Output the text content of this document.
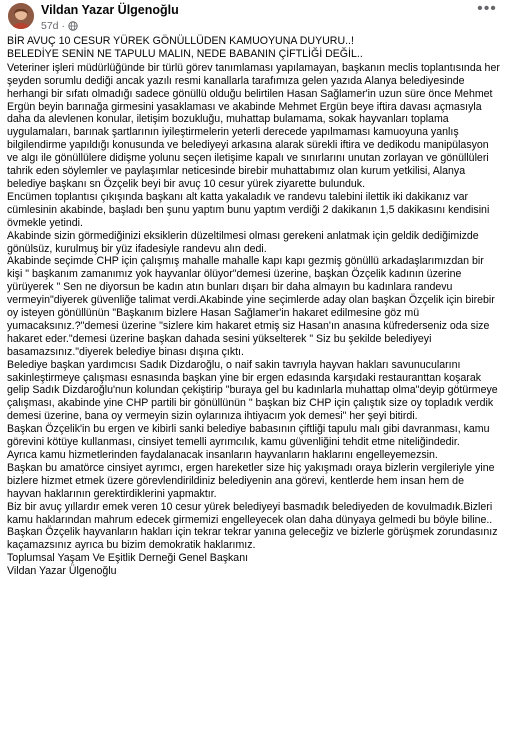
Vildan Yazar Ülgenoğlu
57d ·
•••

BİR AVUÇ 10 CESUR YÜREK GÖNÜLLÜDEN KAMUOYUNA DUYURU..!
BELEDİYE SENİN NE TAPULU MALIN, NEDE BABANIN ÇİFTLİĞİ DEĞİL..

Veteriner işleri müdürlüğünde bir türlü görev tanımlaması yapılamayan, başkanın meclis toplantısında her şeyden sorumlu dediği ancak yazılı resmi kanallarla tarafımıza gelen yazıda Alanya belediyesinde herhangi bir sıfatı olmadığı sadece gönüllü olduğu belirtilen Hasan Sağlamer'in uzun süre önce Mehmet Ergün beyin barınağa girmesini yasaklaması ve akabinde Mehmet Ergün beye iftira davası açmasıyla daha da alevlenen konular, iletişim bozukluğu, muhattap bulamama, sokak hayvanları toplama uygulamaları, barınak şartlarının iyileştirmelerin yeterli derecede yapılmaması kamuoyuna yanlış bilgilendirme yapıldığı konusunda ve belediyeyi arkasına alarak sürekli iftira ve dedikodu manipülasyon ve algı ile gönüllülere didişme yolunu seçen iletişime kapalı ve sınırlarını unutan zorlayan ve gönüllüleri tahrik eden söylemler ve paylaşımlar neticesinde birebir muhattabımız olan kurum yetkilisi, Alanya belediye başkanı sn Özçelik beyi bir avuç 10 cesur yürek ziyarette bulunduk.

Encümen toplantısı çıkışında başkanı alt katta yakaladık ve randevu talebini ilettik iki dakikanız var cümlesinin akabinde, başladı ben şunu yaptım bunu yaptım verdiği 2 dakikanın 1,5 dakikasını kendisini övmekle yetindi.

Akabinde sizin görmediğinizi eksiklerin düzeltilmesi olması gerekeni anlatmak için geldik dediğimizde gönülsüz, kurulmuş bir yüz ifadesiyle randevu alın dedi.

Akabinde seçimde CHP için çalışmış mahalle mahalle kapı kapı gezmiş gönüllü arkadaşlarımızdan bir kişi " başkanım zamanımız yok hayvanlar ölüyor"demesi üzerine, başkan Özçelik kadının üzerine yürüyerek " Sen ne diyorsun be kadın atın bunları dışarı bir daha almayın bu kadınlara randevu vermeyin"diyerek güvenliğe talimat verdi.Akabinde yine seçimlerde aday olan başkan Özçelik için birebir oy isteyen gönüllünün "Başkanım bizlere Hasan Sağlamer'in hakaret edilmesine göz mü yumacaksınız.?"demesi üzerine "sizlere kim hakaret etmiş siz Hasan'ın anasına küfrederseniz oda size hakaret eder."demesi üzerine başkan dahada sesini yükselterek " Siz bu şekilde belediyeyi basamazsınız."diyerek belediye binası dışına çıktı.

Belediye başkan yardımcısı Sadık Dizdaroğlu, o naif sakin tavrıyla hayvan hakları savunucularını sakinleştirmeye çalışması esnasında başkan yine bir ergen edasında karşıdaki restauranttan koşarak gelip Sadık Dizdaroğlu'nun kolundan çekiştirip "buraya gel bu kadınlarla muhattap olma"deyip götürmeye çalışması, akabinde yine CHP partili bir gönüllünün " başkan biz CHP için çalıştık size oy topladık verdik demesi üzerine, bana oy vermeyin sizin oylarınıza ihtiyacım yok demesi" her şeyi bitirdi.

Başkan Özçelik'in bu ergen ve kibirli sanki belediye babasının çiftliği tapulu malı gibi davranması, kamu görevini kötüye kullanması, cinsiyet temelli ayrımcılık, kamu güvenliğini tehdit etme niteliğindedir.

Ayrıca kamu hizmetlerinden faydalanacak insanların hayvanların haklarını engelleyemezsin.

Başkan bu amatörce cinsiyet ayrımcı, ergen hareketler size hiç yakışmadı oraya bizlerin vergileriyle yine bizlere hizmet etmek üzere görevlendirildiniz belediyenin ana görevi, kentlerde hem insan hem de hayvan haklarının gerektirdiklerini yapmaktır.

Biz bir avuç yıllardır emek veren 10 cesur yürek belediyeyi basmadık belediyeden de kovulmadık.Bizleri kamu haklarından mahrum edecek girmemizi engelleyecek olan daha dünyaya gelmedi bu böyle biline..

Başkan Özçelik hayvanların hakları için tekrar tekrar yanına geleceğiz ve bizlerle görüşmek zorundasınız kaçamazsınız ayrıca bu bizim demokratik haklarımız.

Toplumsal Yaşam Ve Eşitlik Derneği Genel Başkanı
Vildan Yazar Ülgenoğlu
